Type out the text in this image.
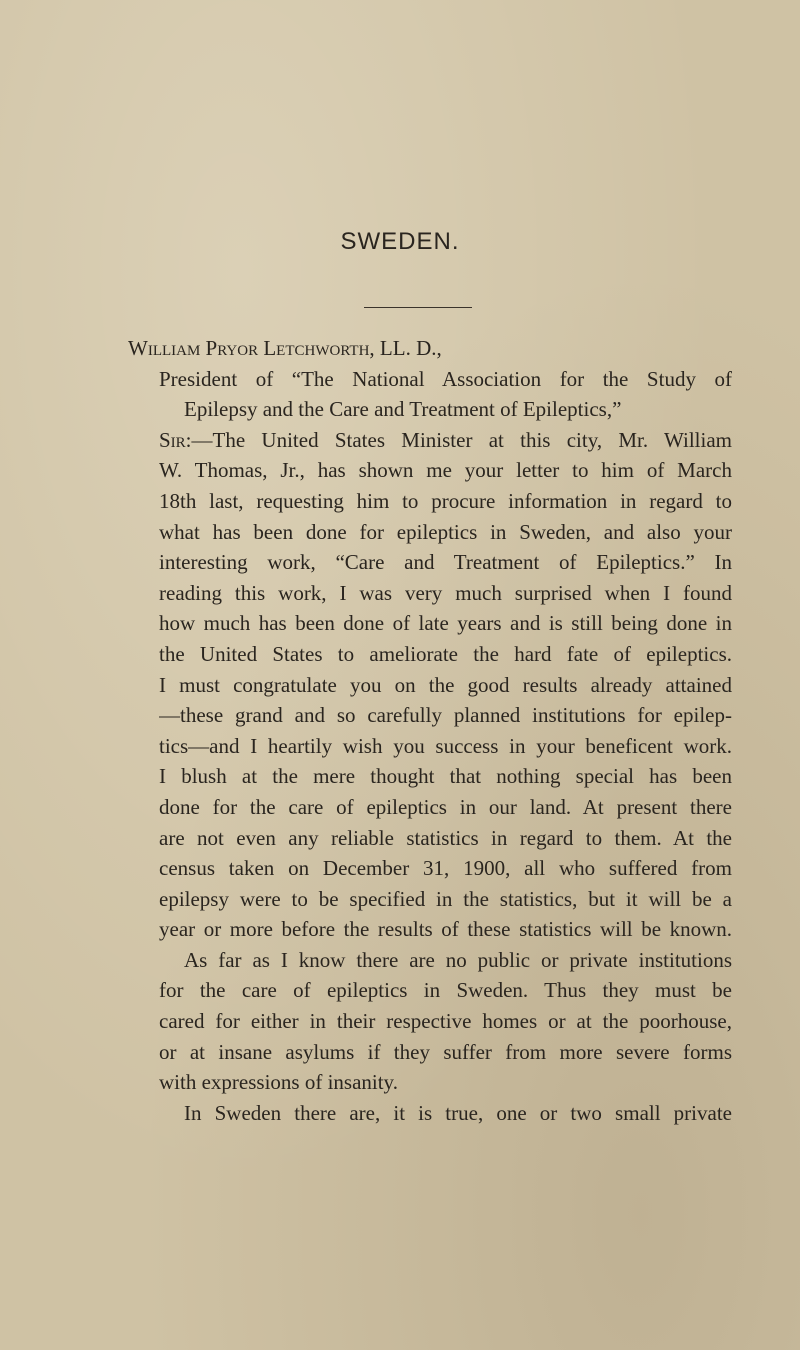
SWEDEN.
William Pryor Letchworth, LL. D.,
President of “The National Association for the Study of
Epilepsy and the Care and Treatment of Epileptics,”
Sir:—The United States Minister at this city, Mr. William
W. Thomas, Jr., has shown me your letter to him of March
18th last, requesting him to procure information in regard to
what has been done for epileptics in Sweden, and also your
interesting work, “Care and Treatment of Epileptics.” In
reading this work, I was very much surprised when I found
how much has been done of late years and is still being done in
the United States to ameliorate the hard fate of epileptics.
I must congratulate you on the good results already attained
—these grand and so carefully planned institutions for epilep-
tics—and I heartily wish you success in your beneficent work.
I blush at the mere thought that nothing special has been
done for the care of epileptics in our land. At present there
are not even any reliable statistics in regard to them. At the
census taken on December 31, 1900, all who suffered from
epilepsy were to be specified in the statistics, but it will be a
year or more before the results of these statistics will be known.
As far as I know there are no public or private institutions
for the care of epileptics in Sweden. Thus they must be
cared for either in their respective homes or at the poorhouse,
or at insane asylums if they suffer from more severe forms
with expressions of insanity.
In Sweden there are, it is true, one or two small private
